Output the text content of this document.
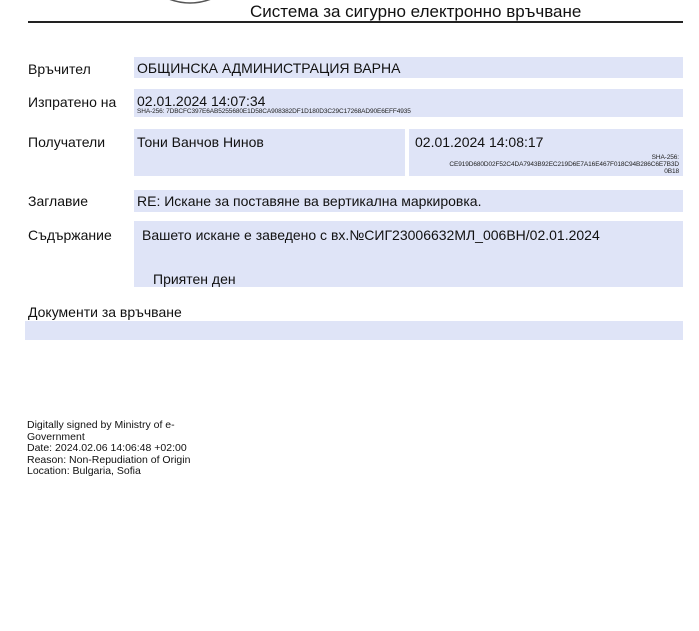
Система за сигурно електронно връчване
Връчител	ОБЩИНСКА АДМИНИСТРАЦИЯ ВАРНА
Изпратено на 02.01.2024 14:07:34
SHA-256: 7DBCFC397E6AB5255680E1D58CA908382DF1D180D3C29C17268AD90E6EFF4935
Получатели Тони Ванчов Нинов	02.01.2024 14:08:17
SHA-256:
CE919D680D02F52C4DA7943B92EC219D6E7A16E467F018C94B286C6E7B3D
0B18
Заглавие	RE: Искане за поставяне ва вертикална маркировка.
Съдържание Вашето искане е заведено с вх.№СИГ23006632МЛ_006ВН/02.01.2024
Приятен ден
Документи за връчване
Digitally signed by Ministry of e-
Government
Date: 2024.02.06 14:06:48 +02:00
Reason: Non-Repudiation of Origin
Location: Bulgaria, Sofia
